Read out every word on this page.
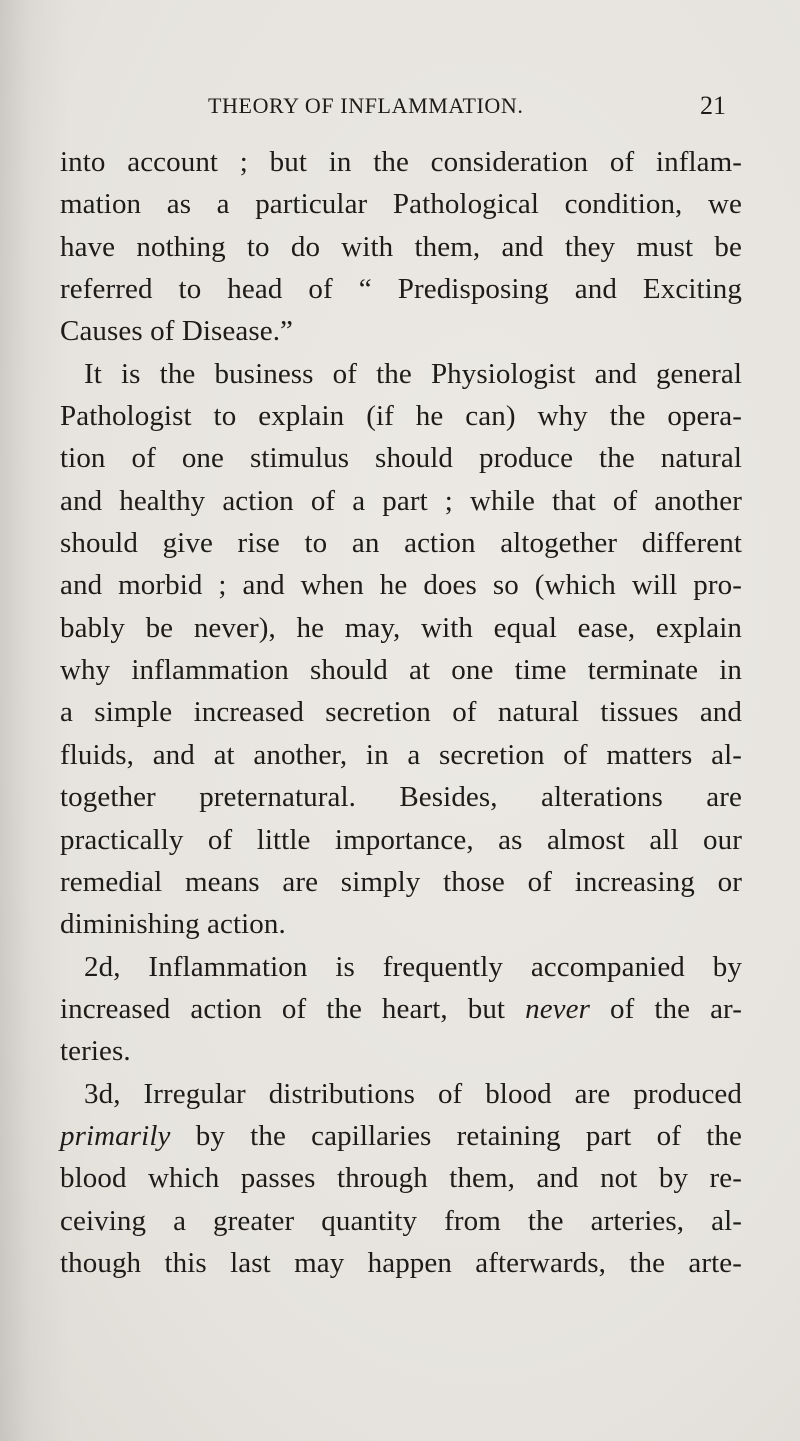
THEORY OF INFLAMMATION.	21
into account ; but in the consideration of inflam-
mation as a particular Pathological condition, we
have nothing to do with them, and they must be
referred to head of “ Predisposing and Exciting
Causes of Disease.”
It is the business of the Physiologist and general
Pathologist to explain (if he can) why the opera-
tion of one stimulus should produce the natural
and healthy action of a part ; while that of another
should give rise to an action altogether different
and morbid ; and when he does so (which will pro-
bably be never), he may, with equal ease, explain
why inflammation should at one time terminate in
a simple increased secretion of natural tissues and
fluids, and at another, in a secretion of matters al-
together preternatural. Besides, alterations are
practically of little importance, as almost all our
remedial means are simply those of increasing or
diminishing action.
2d, Inflammation is frequently accompanied by
increased action of the heart, but never of the ar-
teries.
3d, Irregular distributions of blood are produced
primarily by the capillaries retaining part of the
blood which passes through them, and not by re-
ceiving a greater quantity from the arteries, al-
though this last may happen afterwards, the arte-
